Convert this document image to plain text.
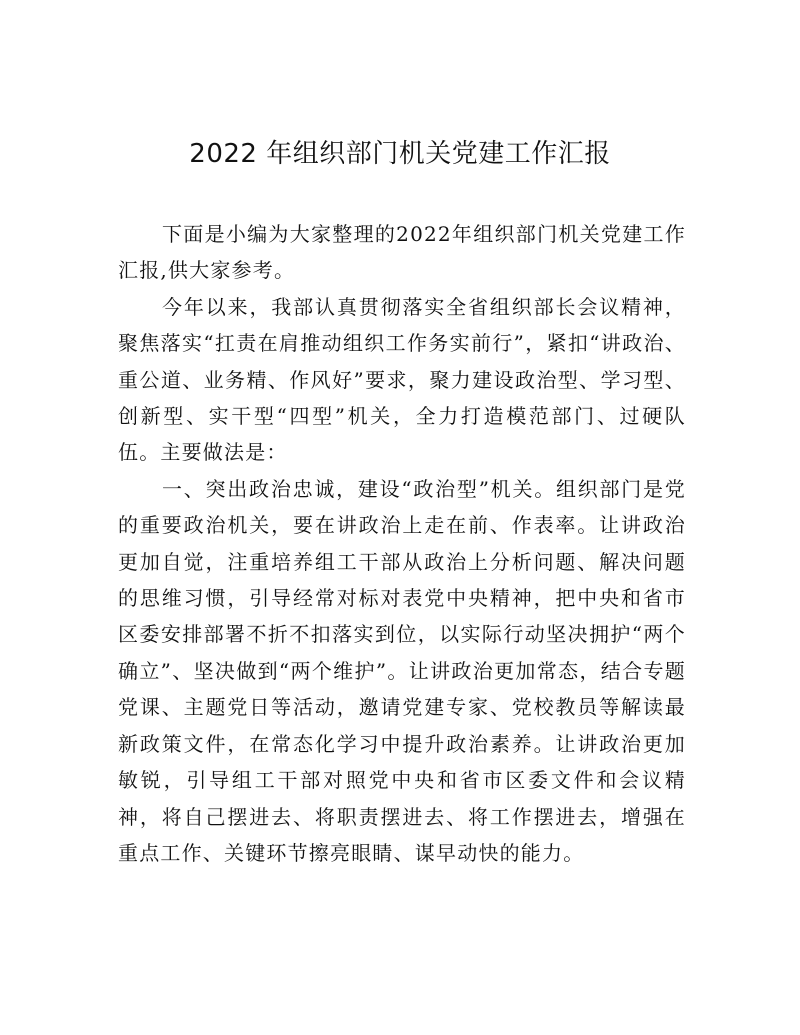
2022 年组织部门机关党建工作汇报

下面是小编为大家整理的2022年组织部门机关党建工作汇报,供大家参考。

今年以来，我部认真贯彻落实全省组织部长会议精神，聚焦落实“扛责在肩推动组织工作务实前行”，紧扣“讲政治、重公道、业务精、作风好”要求，聚力建设政治型、学习型、创新型、实干型“四型”机关，全力打造模范部门、过硬队伍。主要做法是：

一、突出政治忠诚，建设“政治型”机关。组织部门是党的重要政治机关，要在讲政治上走在前、作表率。让讲政治更加自觉，注重培养组工干部从政治上分析问题、解决问题的思维习惯，引导经常对标对表党中央精神，把中央和省市区委安排部署不折不扣落实到位，以实际行动坚决拥护“两个确立”、坚决做到“两个维护”。让讲政治更加常态，结合专题党课、主题党日等活动，邀请党建专家、党校教员等解读最新政策文件，在常态化学习中提升政治素养。让讲政治更加敏锐，引导组工干部对照党中央和省市区委文件和会议精神，将自己摆进去、将职责摆进去、将工作摆进去，增强在重点工作、关键环节擦亮眼睛、谋早动快的能力。
